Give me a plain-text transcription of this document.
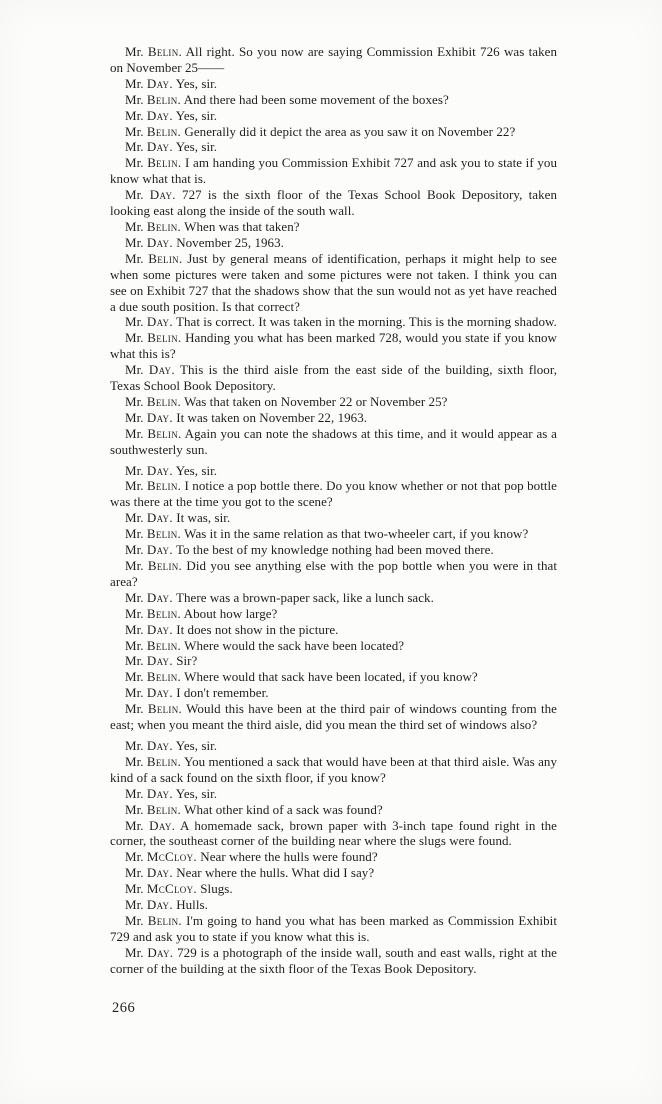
Mr. Belin. All right. So you now are saying Commission Exhibit 726 was taken on November 25——

Mr. Day. Yes, sir.

Mr. Belin. And there had been some movement of the boxes?

Mr. Day. Yes, sir.

Mr. Belin. Generally did it depict the area as you saw it on November 22?

Mr. Day. Yes, sir.

Mr. Belin. I am handing you Commission Exhibit 727 and ask you to state if you know what that is.

Mr. Day. 727 is the sixth floor of the Texas School Book Depository, taken looking east along the inside of the south wall.

Mr. Belin. When was that taken?

Mr. Day. November 25, 1963.

Mr. Belin. Just by general means of identification, perhaps it might help to see when some pictures were taken and some pictures were not taken. I think you can see on Exhibit 727 that the shadows show that the sun would not as yet have reached a due south position. Is that correct?

Mr. Day. That is correct. It was taken in the morning. This is the morning shadow.

Mr. Belin. Handing you what has been marked 728, would you state if you know what this is?

Mr. Day. This is the third aisle from the east side of the building, sixth floor, Texas School Book Depository.

Mr. Belin. Was that taken on November 22 or November 25?

Mr. Day. It was taken on November 22, 1963.

Mr. Belin. Again you can note the shadows at this time, and it would appear as a southwesterly sun.

Mr. Day. Yes, sir.

Mr. Belin. I notice a pop bottle there. Do you know whether or not that pop bottle was there at the time you got to the scene?

Mr. Day. It was, sir.

Mr. Belin. Was it in the same relation as that two-wheeler cart, if you know?

Mr. Day. To the best of my knowledge nothing had been moved there.

Mr. Belin. Did you see anything else with the pop bottle when you were in that area?

Mr. Day. There was a brown-paper sack, like a lunch sack.

Mr. Belin. About how large?

Mr. Day. It does not show in the picture.

Mr. Belin. Where would the sack have been located?

Mr. Day. Sir?

Mr. Belin. Where would that sack have been located, if you know?

Mr. Day. I don't remember.

Mr. Belin. Would this have been at the third pair of windows counting from the east; when you meant the third aisle, did you mean the third set of windows also?

Mr. Day. Yes, sir.

Mr. Belin. You mentioned a sack that would have been at that third aisle. Was any kind of a sack found on the sixth floor, if you know?

Mr. Day. Yes, sir.

Mr. Belin. What other kind of a sack was found?

Mr. Day. A homemade sack, brown paper with 3-inch tape found right in the corner, the southeast corner of the building near where the slugs were found.

Mr. McCloy. Near where the hulls were found?

Mr. Day. Near where the hulls. What did I say?

Mr. McCloy. Slugs.

Mr. Day. Hulls.

Mr. Belin. I'm going to hand you what has been marked as Commission Exhibit 729 and ask you to state if you know what this is.

Mr. Day. 729 is a photograph of the inside wall, south and east walls, right at the corner of the building at the sixth floor of the Texas Book Depository.

266
